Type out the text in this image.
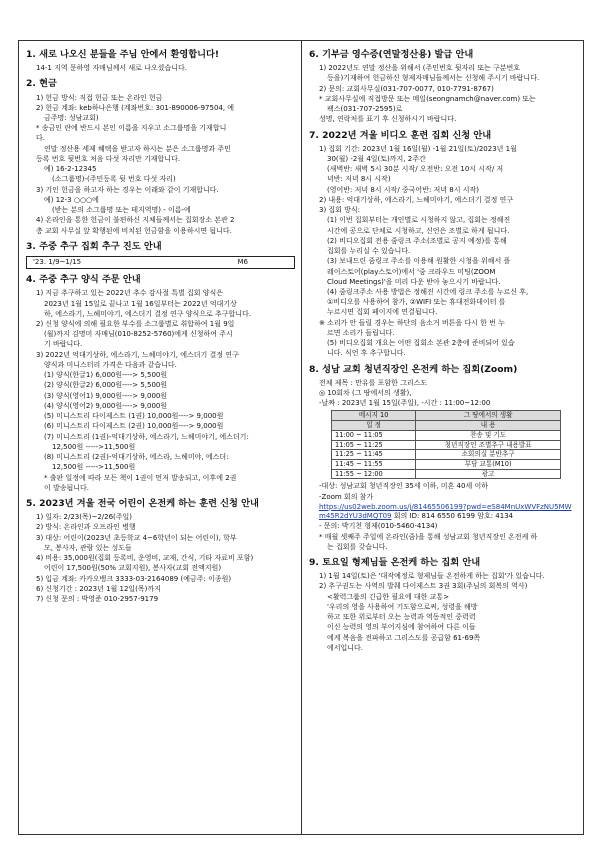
1. 새로 나오신 분들을 주님 안에서 환영합니다!
14-1 지역 문하영 자매님께서 새로 나오셨습니다.
2. 현금
1) 헌금 방식: 직접 헌금 또는 온라인 헌금
2) 헌금 계좌: keb하나은행 (계좌번호: 301-890006-97504, 예
금주명: 성남교회)
* 송금인 란에 반드시 본인 이름을 지우고 소그룹명을 기재합니
다.
연말 정산용 세제 혜택을 받고자 하시는 분은 소그룹명과 주민
등록 번호 뒷번호 처음 다섯 자리만 기재합니다.
예) 16-2-12345
(소그룹명)-(주민등록 뒷 번호 다섯 자리)
3) 기인 헌금을 하고자 하는 경우는 이래와 같이 기재합니다.
예) 12-3 ○○○에
(받는 분의 소그룹명 또는 테지역명) - 이름-에
4) 온라인을 통한 헌금이 불편하신 지체들께서는 집회장소 본관 2
층 교회 사무실 앞 확행된에 비치된 헌금함을 이용하시면 됩니다.
3. 주중 추구 집회 추구 진도 안내
'23. 1/9~1/15	M6
4. 주중 추구 양식 주문 안내
1) 지금 추구하고 있는 2022년 추수 감사절 특별 집회 양식은
2023년 1월 15일로 끝나고 1월 16일부터는 2022년 억대기상
하, 에스라기, 느헤미야기, 에스더기 결정 연구 양식으로 추구합니다.
2) 신청 양식에 의해 필요한 부수를 소그룹별로 취합하여 1월 9일
(월)까지 김명미 자매님(010-8252-5760)에게 신청하여 주시
기 바랍니다.
3) 2022년 억대기상하, 에스라기, 느헤미야기, 에스더기 결정 연구
양식과 미니스터리 가격은 다음과 같습니다.
(1) 양식(한글1) 6,000원----> 5,500원
(2) 양식(한글2) 6,000원----> 5,500원
(3) 양식(영어1) 9,000원----> 9,000원
(4) 양식(영어2) 9,000원----> 9,000원
(5) 미니스트리 다이제스트 (1권) 10,000원----> 9,000원
(6) 미니스트리 다이제스트 (2권) 10,000원----> 9,000원
(7) 미니스트리 (1권)-억대기상하, 에스라기, 느헤미야기, 에스더기:
12,500원 ----->11,500원
(8) 미니스트리 (2권)-억대기상하, 에스라, 느헤미야, 에스더:
12,500원 ----->11,500원
* 출판 일정에 따라 모든 책이 1권이 먼저 발송되고, 이후에 2권
이 발송됩니다.
5. 2023년 겨울 전국 어린이 온전케 하는 훈련 신청 안내
1) 일자: 2/23(목)~2/26(주일)
2) 방식: 온라인과 오프라인 병행
3) 대상: 어린이(2023년 초등학교 4~6학년이 되는 어린이), 학부
모, 봉사자, 관람 있는 성도들
4) 비용: 35,000원(집회 등록비, 운영비, 교재, 간식, 기타 자료비 포함)
어린이 17,500원(50% 교회지원), 봉사자(교회 전액지원)
5) 입금 계좌: 카카오뱅크 3333-03-2164089 (예금주: 이종원)
6) 신청기간 : 2023년 1월 12일(목)까지
7) 신청 문의 : 박영준 010-2957-9179
6. 기부금 영수증(연말정산용) 발급 안내
1) 2022년도 연말 정산을 위해서 (주민번호 뒷자리 또는 구분번호
등을)기재하여 헌금하신 형제자매님들께서는 신청해 주시기 바랍니다.
2) 문의: 교회사무실(031-707-0077, 010-7791-8767)
* 교회사무실에 직접방문 또는 메일(seongnamch@naver.com) 또는
팩스(031-707-2595)로
성명, 연락처를 표기 후 신청하시기 바랍니다.
7. 2022년 겨울 비디오 훈련 집회 신청 안내
1) 집회 기간: 2023년 1월 16일(월) -1월 21일(토)/2023년 1월
30(월) -2월 4일(토)까지, 2주간
(새벽반: 새벽 5시 30분 시작/ 오전반: 오전 10시 시작/ 저
녁반: 저녁 8시 시작)
(영어반: 저녁 8시 시작/ 중국어반: 저녁 8시 시작)
2) 내용: 억대기상하, 에스라기, 느헤미야기, 에스더기 결정 연구
3) 집회 방식:
(1) 이번 집회부터는 개인별로 시청하지 않고, 집회는 정해진
시간에 공으로 단체로 시청하고, 신언은 조별로 하게 됩니다.
(2) 비디오집회 전용 줌링크 주소(조별로 공지 예정)를 통해
집회를 누리실 수 있습니다.
(3) 보내드린 줌링크 주소를 이용해 원활한 시청을 위해서 플
레이스토어(play스토어)에서 '줌 크라우드 미팅(ZOOM
Cloud Meetings)'을 미리 다운 받아 놓으시기 바랍니다.
(4) 줌링크주소 사용 방법은 정해진 시간에 링크 주소를 누르신 후,
①비디오를 사용하여 참가, ②WIFI 또는 휴대전화데이터 를
누르시면 집회 페이지에 연결됩니다.
※ 소리가 안 들릴 경우는 하단의 음소거 버튼을 다시 한 번 누
르면 소리가 들립니다.
(5) 비디오집회 개요는 어떤 집회소 본관 2층에 준비되어 있습
니다. 식언 후 추구합니다.
8. 성남 교회 청년직장인 온전케 하는 집회(Zoom)
전체 제목 : 만유를 포함한 그리스도
◎ 10회차 (그 땅에서의 생활),
-날짜 : 2023년 1월 15일(주일), -시간 : 11:00~12:00
메시지 10	그 땅에서의 생활
일 정	내 용
11:00 ~ 11:05	찬송 및 기도
11:05 ~ 11:25	청년직장인 조별추구 내용발표
11:25 ~ 11:45	소회의실 분반추구
11:45 ~ 11:55	부담 교통(M10)
11:55 ~ 12:00	광고
-대상: 성남교회 청년직장인 35세 이하, 미혼 40세 이하
-Zoom 회의 참가
https://us02web.zoom.us/j/81465506199?pwd=eS84MnUxWVFzNU5MWm45R2dYU3dMQT09 회의 ID: 814 6550 6199 암호: 4134
- 문의: 박기천 형제(010-5460-4134)
* 매월 셋째주 주일에 온라인(줌)을 통해 성남교회 청년직장인 온전케 하
는 집회를 갖습니다.
9. 토요일 형제님들 온전케 하는 집회 안내
1) 1월 14일(토)은 '대작예정로 형제님들 온전하게 하는 집회'가 있습니다.
2) 추구권도는 사역의 발췌 다이제스트 3권 3회(주님의 회복의 역사)
<활력그룹의 긴급한 필요에 대한 교통>
'우리의 영을 사용하여 기도함으로써, 성령을 해방
하고 또한 위로부터 오는 능력과 역동적인 중력력
이신 능력의 영의 부어지심에 참여하여 다른 이들
에게 복음을 전파하고 그리스도를 공급함 61-69쪽
에서입니다.
